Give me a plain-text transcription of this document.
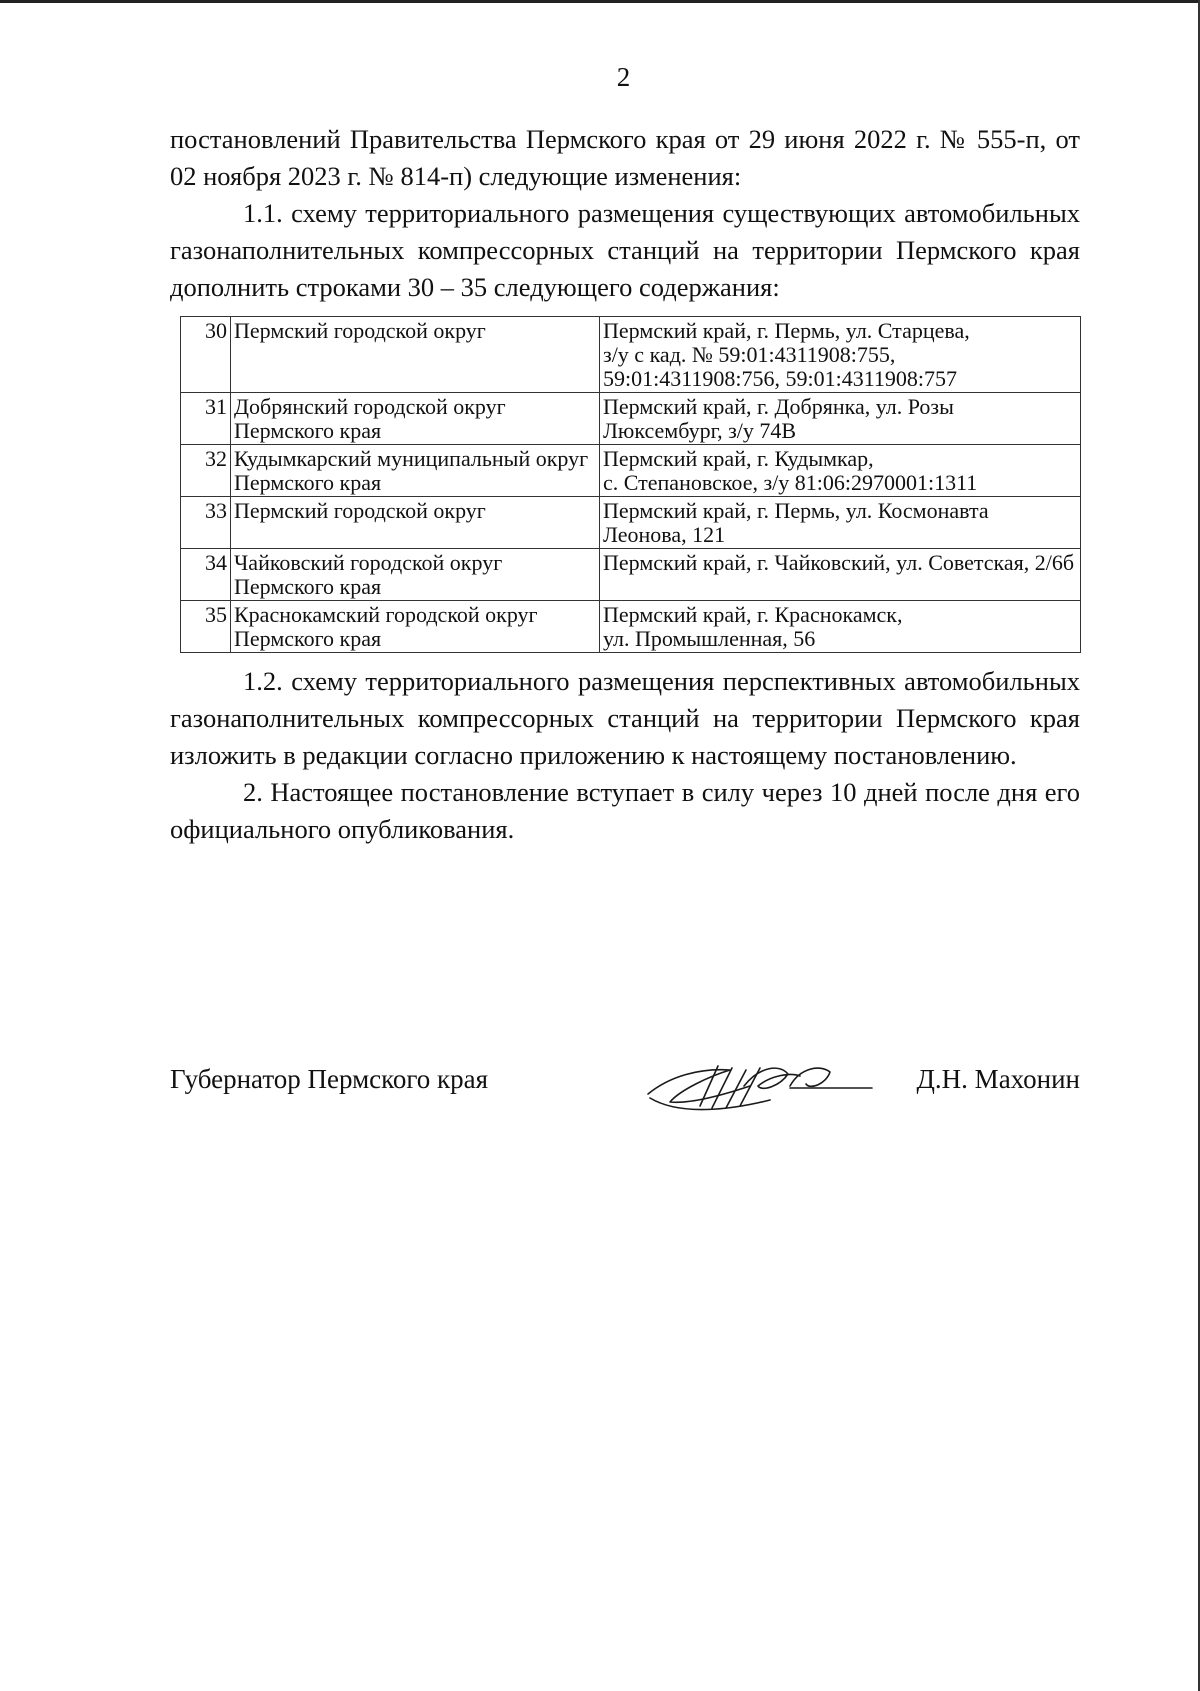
2

постановлений Правительства Пермского края от 29 июня 2022 г. № 555-п, от 02 ноября 2023 г. № 814-п) следующие изменения:

1.1. схему территориального размещения существующих автомобильных газонаполнительных компрессорных станций на территории Пермского края дополнить строками 30 – 35 следующего содержания:

30	Пермский городской округ	Пермский край, г. Пермь, ул. Старцева,
з/у с кад. № 59:01:4311908:755,
59:01:4311908:756, 59:01:4311908:757
31	Добрянский городской округ Пермского края	Пермский край, г. Добрянка, ул. Розы Люксембург, з/у 74В
32	Кудымкарский муниципальный округ Пермского края	Пермский край, г. Кудымкар,
с. Степановское, з/у 81:06:2970001:1311
33	Пермский городской округ	Пермский край, г. Пермь, ул. Космонавта Леонова, 121
34	Чайковский городской округ Пермского края	Пермский край, г. Чайковский, ул. Советская, 2/6б
35	Краснокамский городской округ Пермского края	Пермский край, г. Краснокамск,
ул. Промышленная, 56

1.2. схему территориального размещения перспективных автомобильных газонаполнительных компрессорных станций на территории Пермского края изложить в редакции согласно приложению к настоящему постановлению.

2. Настоящее постановление вступает в силу через 10 дней после дня его официального опубликования.

Губернатор Пермского края	Д.Н. Махонин
